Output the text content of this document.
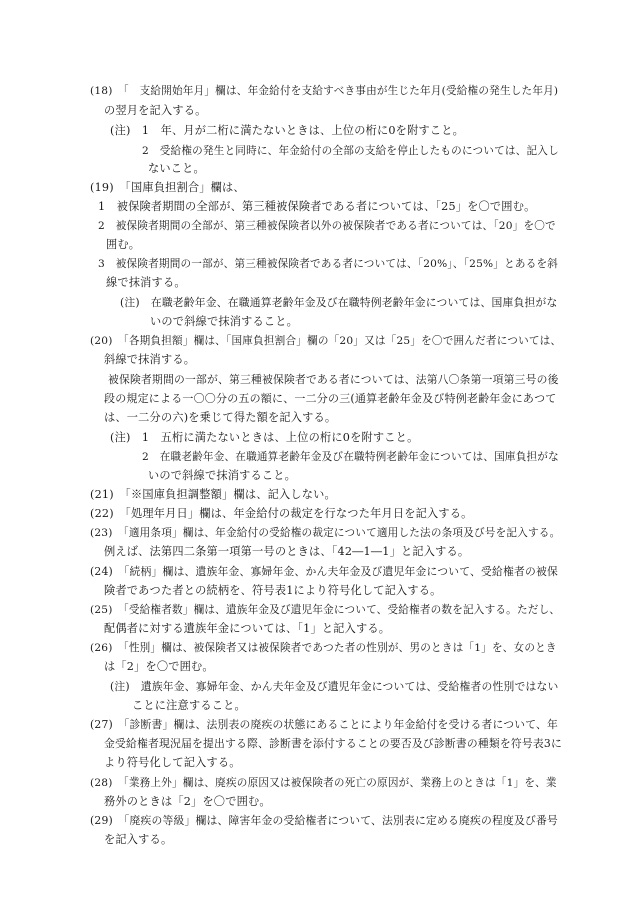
(18)　「　支給開始年月」欄は、年金給付を支給すべき事由が生じた年月(受給権の発生した年月)
の翌月を記入する。
(注)　1　年、月が二桁に満たないときは、上位の桁に0を附すこと。
2　受給権の発生と同時に、年金給付の全部の支給を停止したものについては、記入し
ないこと。
(19)　「国庫負担割合」欄は、
1　被保険者期間の全部が、第三種被保険者である者については、「25」を〇で囲む。
2　被保険者期間の全部が、第三種被保険者以外の被保険者である者については、「20」を〇で
囲む。
3　被保険者期間の一部が、第三種被保険者である者については、「20%」、「25%」とあるを斜
線で抹消する。
(注)　在職老齢年金、在職通算老齢年金及び在職特例老齢年金については、国庫負担がな
いので斜線で抹消すること。
(20)　「各期負担額」欄は、「国庫負担割合」欄の「20」又は「25」を〇で囲んだ者については、
斜線で抹消する。
被保険者期間の一部が、第三種被保険者である者については、法第八〇条第一項第三号の後
段の規定による一〇〇分の五の額に、一二分の三(通算老齢年金及び特例老齢年金にあつて
は、一二分の六)を乗じて得た額を記入する。
(注)　1　五桁に満たないときは、上位の桁に0を附すこと。
2　在職老齢年金、在職通算老齢年金及び在職特例老齢年金については、国庫負担がな
いので斜線で抹消すること。
(21)　「※国庫負担調整額」欄は、記入しない。
(22)　「処理年月日」欄は、年金給付の裁定を行なつた年月日を記入する。
(23)　「適用条項」欄は、年金給付の受給権の裁定について適用した法の条項及び号を記入する。
例えば、法第四二条第一項第一号のときは、「42―1―1」と記入する。
(24)　「続柄」欄は、遺族年金、寡婦年金、かん夫年金及び遺児年金について、受給権者の被保
険者であつた者との続柄を、符号表1により符号化して記入する。
(25)　「受給権者数」欄は、遺族年金及び遺児年金について、受給権者の数を記入する。ただし、
配偶者に対する遺族年金については、「1」と記入する。
(26)　「性別」欄は、被保険者又は被保険者であつた者の性別が、男のときは「1」を、女のとき
は「2」を〇で囲む。
(注)　遺族年金、寡婦年金、かん夫年金及び遺児年金については、受給権者の性別ではない
ことに注意すること。
(27)　「診断書」欄は、法別表の廃疾の状態にあることにより年金給付を受ける者について、年
金受給権者現況届を提出する際、診断書を添付することの要否及び診断書の種類を符号表3に
より符号化して記入する。
(28)　「業務上外」欄は、廃疾の原因又は被保険者の死亡の原因が、業務上のときは「1」を、業
務外のときは「2」を〇で囲む。
(29)　「廃疾の等級」欄は、障害年金の受給権者について、法別表に定める廃疾の程度及び番号
を記入する。
